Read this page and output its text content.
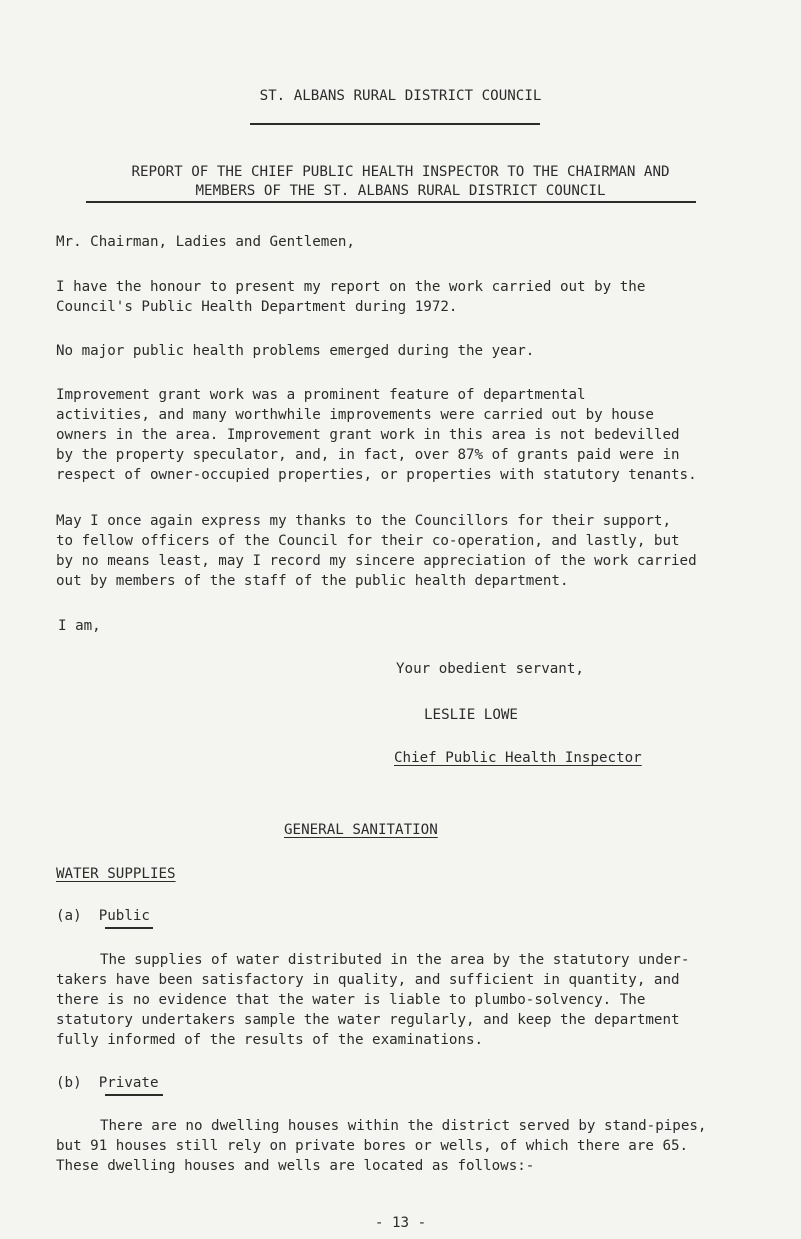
ST. ALBANS RURAL DISTRICT COUNCIL
REPORT OF THE CHIEF PUBLIC HEALTH INSPECTOR TO THE CHAIRMAN AND
MEMBERS OF THE ST. ALBANS RURAL DISTRICT COUNCIL
Mr. Chairman, Ladies and Gentlemen,
I have the honour to present my report on the work carried out by the
Council's Public Health Department during 1972.
No major public health problems emerged during the year.
Improvement grant work was a prominent feature of departmental
activities, and many worthwhile improvements were carried out by house
owners in the area. Improvement grant work in this area is not bedevilled
by the property speculator, and, in fact, over 87% of grants paid were in
respect of owner-occupied properties, or properties with statutory tenants.
May I once again express my thanks to the Councillors for their support,
to fellow officers of the Council for their co-operation, and lastly, but
by no means least, may I record my sincere appreciation of the work carried
out by members of the staff of the public health department.
I am,
Your obedient servant,
LESLIE LOWE
Chief Public Health Inspector
GENERAL SANITATION
WATER SUPPLIES
(a)  Public
The supplies of water distributed in the area by the statutory under-
takers have been satisfactory in quality, and sufficient in quantity, and
there is no evidence that the water is liable to plumbo-solvency. The
statutory undertakers sample the water regularly, and keep the department
fully informed of the results of the examinations.
(b)  Private
There are no dwelling houses within the district served by stand-pipes,
but 91 houses still rely on private bores or wells, of which there are 65.
These dwelling houses and wells are located as follows:-
- 13 -
